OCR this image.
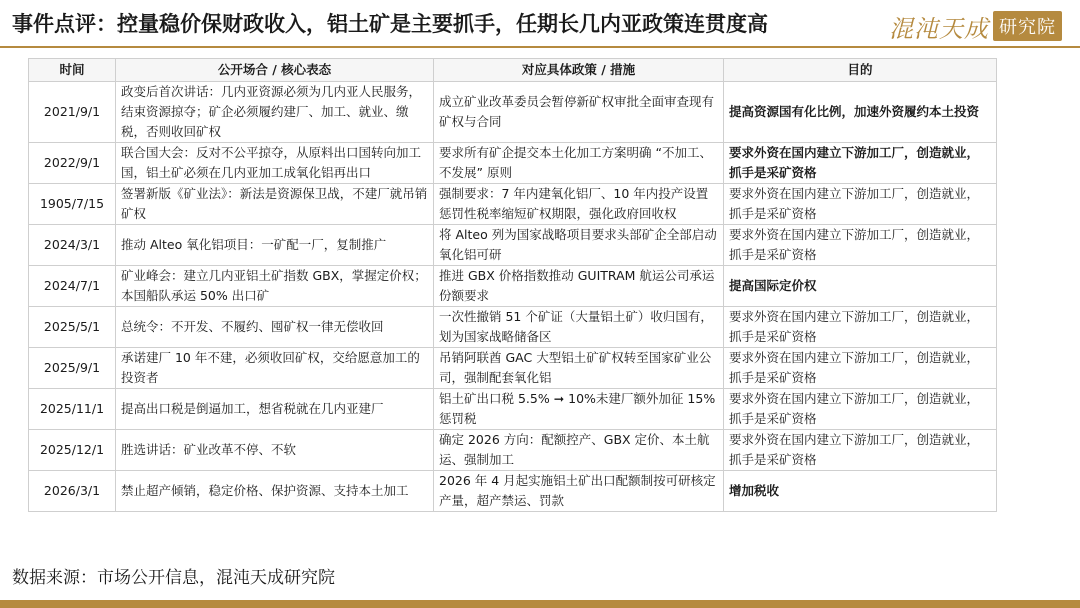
事件点评：控量稳价保财政收入，铝土矿是主要抓手，任期长几内亚政策连贯度高	混沌天成 研究院
时间	公开场合 / 核心表态	对应具体政策 / 措施	目的
2021/9/1	政变后首次讲话：几内亚资源必须为几内亚人民服务，结束资源掠夺；矿企必须履约建厂、加工、就业、缴税，否则收回矿权	成立矿业改革委员会暂停新矿权审批全面审查现有矿权与合同	提高资源国有化比例，加速外资履约本土投资
2022/9/1	联合国大会：反对不公平掠夺，从原料出口国转向加工国，铝土矿必须在几内亚加工成氧化铝再出口	要求所有矿企提交本土化加工方案明确 “不加工、不发展” 原则	要求外资在国内建立下游加工厂，创造就业，抓手是采矿资格
1905/7/15	签署新版《矿业法》：新法是资源保卫战，不建厂就吊销矿权	强制要求：7 年内建氧化铝厂、10 年内投产设置惩罚性税率缩短矿权期限，强化政府回收权	要求外资在国内建立下游加工厂，创造就业，抓手是采矿资格
2024/3/1	推动 Alteo 氧化铝项目：一矿配一厂，复制推广	将 Alteo 列为国家战略项目要求头部矿企全部启动氧化铝可研	要求外资在国内建立下游加工厂，创造就业，抓手是采矿资格
2024/7/1	矿业峰会：建立几内亚铝土矿指数 GBX，掌握定价权；本国船队承运 50% 出口矿	推进 GBX 价格指数推动 GUITRAM 航运公司承运份额要求	提高国际定价权
2025/5/1	总统令：不开发、不履约、囤矿权一律无偿收回	一次性撤销 51 个矿证（大量铝土矿）收归国有，划为国家战略储备区	要求外资在国内建立下游加工厂，创造就业，抓手是采矿资格
2025/9/1	承诺建厂 10 年不建，必须收回矿权，交给愿意加工的投资者	吊销阿联酋 GAC 大型铝土矿矿权转至国家矿业公司，强制配套氧化铝	要求外资在国内建立下游加工厂，创造就业，抓手是采矿资格
2025/11/1	提高出口税是倒逼加工，想省税就在几内亚建厂	铝土矿出口税 5.5% ➞ 10%未建厂额外加征 15% 惩罚税	要求外资在国内建立下游加工厂，创造就业，抓手是采矿资格
2025/12/1	胜选讲话：矿业改革不停、不软	确定 2026 方向：配额控产、GBX 定价、本土航运、强制加工	要求外资在国内建立下游加工厂，创造就业，抓手是采矿资格
2026/3/1	禁止超产倾销，稳定价格、保护资源、支持本土加工	2026 年 4 月起实施铝土矿出口配额制按可研核定产量，超产禁运、罚款	增加税收
数据来源：市场公开信息，混沌天成研究院
